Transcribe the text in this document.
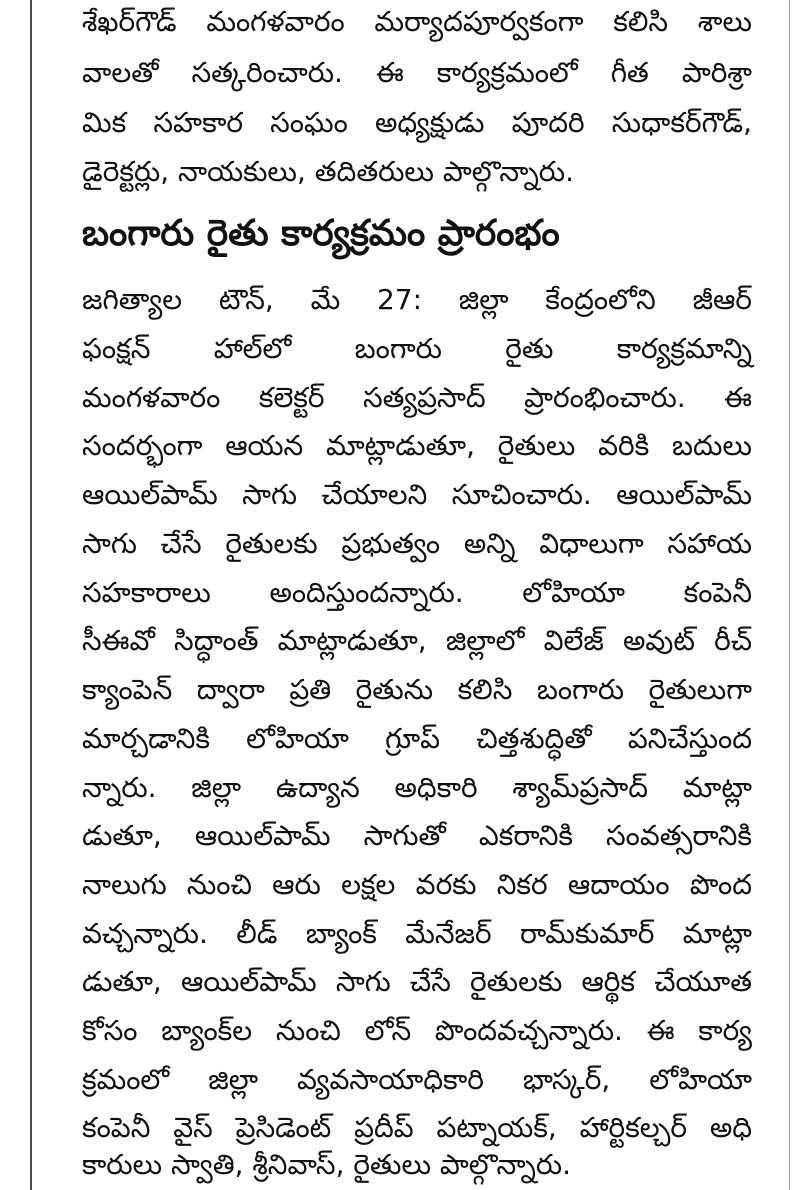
శేఖర్‌గౌడ్‌ మంగళవారం మర్యాదపూర్వకంగా కలిసి శాలు
వాలతో సత్కరించారు. ఈ కార్యక్రమంలో గీత పారిశ్రా
మిక సహకార సంఘం అధ్యక్షుడు పూదరి సుధాకర్‌గౌడ్‌,
డైరెక్టర్లు, నాయకులు, తదితరులు పాల్గొన్నారు.
బంగారు రైతు కార్యక్రమం ప్రారంభం
జగిత్యాల టౌన్‌, మే 27: జిల్లా కేంద్రంలోని జీఆర్‌
ఫంక్షన్‌ హాల్‌లో బంగారు రైతు కార్యక్రమాన్ని
మంగళవారం కలెక్టర్‌ సత్యప్రసాద్‌ ప్రారంభించారు. ఈ
సందర్భంగా ఆయన మాట్లాడుతూ, రైతులు వరికి బదులు
ఆయిల్‌పామ్‌ సాగు చేయాలని సూచించారు. ఆయిల్‌పామ్‌
సాగు చేసే రైతులకు ప్రభుత్వం అన్ని విధాలుగా సహాయ
సహకారాలు అందిస్తుందన్నారు. లోహియా కంపెనీ
సీఈవో సిద్ధాంత్‌ మాట్లాడుతూ, జిల్లాలో విలేజ్‌ అవుట్‌ రీచ్‌
క్యాంపెన్‌ ద్వారా ప్రతి రైతును కలిసి బంగారు రైతులుగా
మార్చడానికి లోహియా గ్రూప్‌ చిత్తశుద్ధితో పనిచేస్తుంద
న్నారు. జిల్లా ఉద్యాన అధికారి శ్యామ్‌ప్రసాద్‌ మాట్లా
డుతూ, ఆయిల్‌పామ్‌ సాగుతో ఎకరానికి సంవత్సరానికి
నాలుగు నుంచి ఆరు లక్షల వరకు నికర ఆదాయం పొంద
వచ్చన్నారు. లీడ్‌ బ్యాంక్‌ మేనేజర్‌ రామ్‌కుమార్‌ మాట్లా
డుతూ, ఆయిల్‌పామ్‌ సాగు చేసే రైతులకు ఆర్థిక చేయూత
కోసం బ్యాంక్‌ల నుంచి లోన్‌ పొందవచ్చన్నారు. ఈ కార్య
క్రమంలో జిల్లా వ్యవసాయాధికారి భాస్కర్‌, లోహియా
కంపెనీ వైస్‌ ప్రెసిడెంట్‌ ప్రదీప్‌ పట్నాయక్‌, హార్టికల్చర్‌ అధి
కారులు స్వాతి, శ్రీనివాస్‌, రైతులు పాల్గొన్నారు.
